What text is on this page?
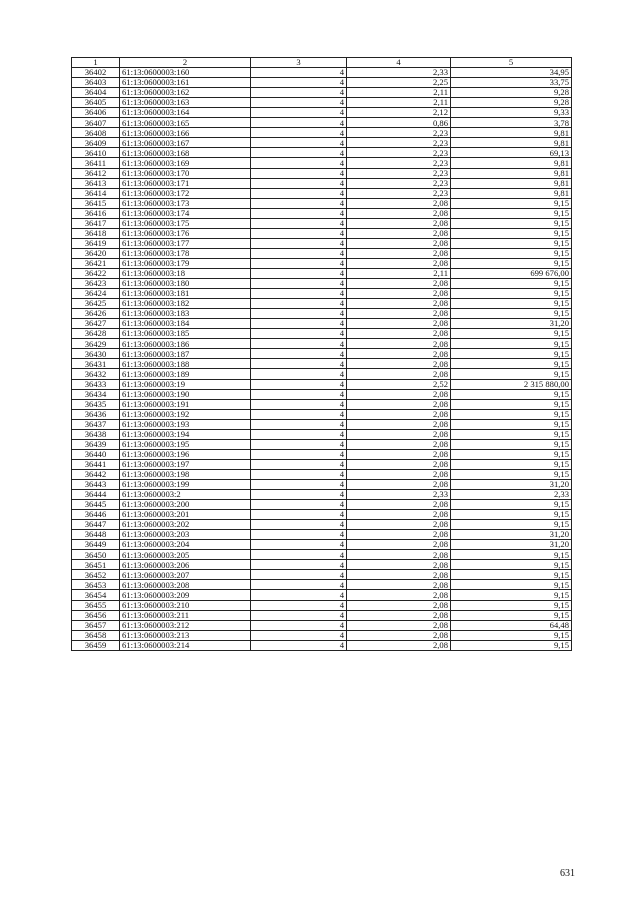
1	2	3	4	5
36402	61:13:0600003:160	4	2,33	34,95
36403	61:13:0600003:161	4	2,25	33,75
36404	61:13:0600003:162	4	2,11	9,28
36405	61:13:0600003:163	4	2,11	9,28
36406	61:13:0600003:164	4	2,12	9,33
36407	61:13:0600003:165	4	0,86	3,78
36408	61:13:0600003:166	4	2,23	9,81
36409	61:13:0600003:167	4	2,23	9,81
36410	61:13:0600003:168	4	2,23	69,13
36411	61:13:0600003:169	4	2,23	9,81
36412	61:13:0600003:170	4	2,23	9,81
36413	61:13:0600003:171	4	2,23	9,81
36414	61:13:0600003:172	4	2,23	9,81
36415	61:13:0600003:173	4	2,08	9,15
36416	61:13:0600003:174	4	2,08	9,15
36417	61:13:0600003:175	4	2,08	9,15
36418	61:13:0600003:176	4	2,08	9,15
36419	61:13:0600003:177	4	2,08	9,15
36420	61:13:0600003:178	4	2,08	9,15
36421	61:13:0600003:179	4	2,08	9,15
36422	61:13:0600003:18	4	2,11	699 676,00
36423	61:13:0600003:180	4	2,08	9,15
36424	61:13:0600003:181	4	2,08	9,15
36425	61:13:0600003:182	4	2,08	9,15
36426	61:13:0600003:183	4	2,08	9,15
36427	61:13:0600003:184	4	2,08	31,20
36428	61:13:0600003:185	4	2,08	9,15
36429	61:13:0600003:186	4	2,08	9,15
36430	61:13:0600003:187	4	2,08	9,15
36431	61:13:0600003:188	4	2,08	9,15
36432	61:13:0600003:189	4	2,08	9,15
36433	61:13:0600003:19	4	2,52	2 315 880,00
36434	61:13:0600003:190	4	2,08	9,15
36435	61:13:0600003:191	4	2,08	9,15
36436	61:13:0600003:192	4	2,08	9,15
36437	61:13:0600003:193	4	2,08	9,15
36438	61:13:0600003:194	4	2,08	9,15
36439	61:13:0600003:195	4	2,08	9,15
36440	61:13:0600003:196	4	2,08	9,15
36441	61:13:0600003:197	4	2,08	9,15
36442	61:13:0600003:198	4	2,08	9,15
36443	61:13:0600003:199	4	2,08	31,20
36444	61:13:0600003:2	4	2,33	2,33
36445	61:13:0600003:200	4	2,08	9,15
36446	61:13:0600003:201	4	2,08	9,15
36447	61:13:0600003:202	4	2,08	9,15
36448	61:13:0600003:203	4	2,08	31,20
36449	61:13:0600003:204	4	2,08	31,20
36450	61:13:0600003:205	4	2,08	9,15
36451	61:13:0600003:206	4	2,08	9,15
36452	61:13:0600003:207	4	2,08	9,15
36453	61:13:0600003:208	4	2,08	9,15
36454	61:13:0600003:209	4	2,08	9,15
36455	61:13:0600003:210	4	2,08	9,15
36456	61:13:0600003:211	4	2,08	9,15
36457	61:13:0600003:212	4	2,08	64,48
36458	61:13:0600003:213	4	2,08	9,15
36459	61:13:0600003:214	4	2,08	9,15
631
